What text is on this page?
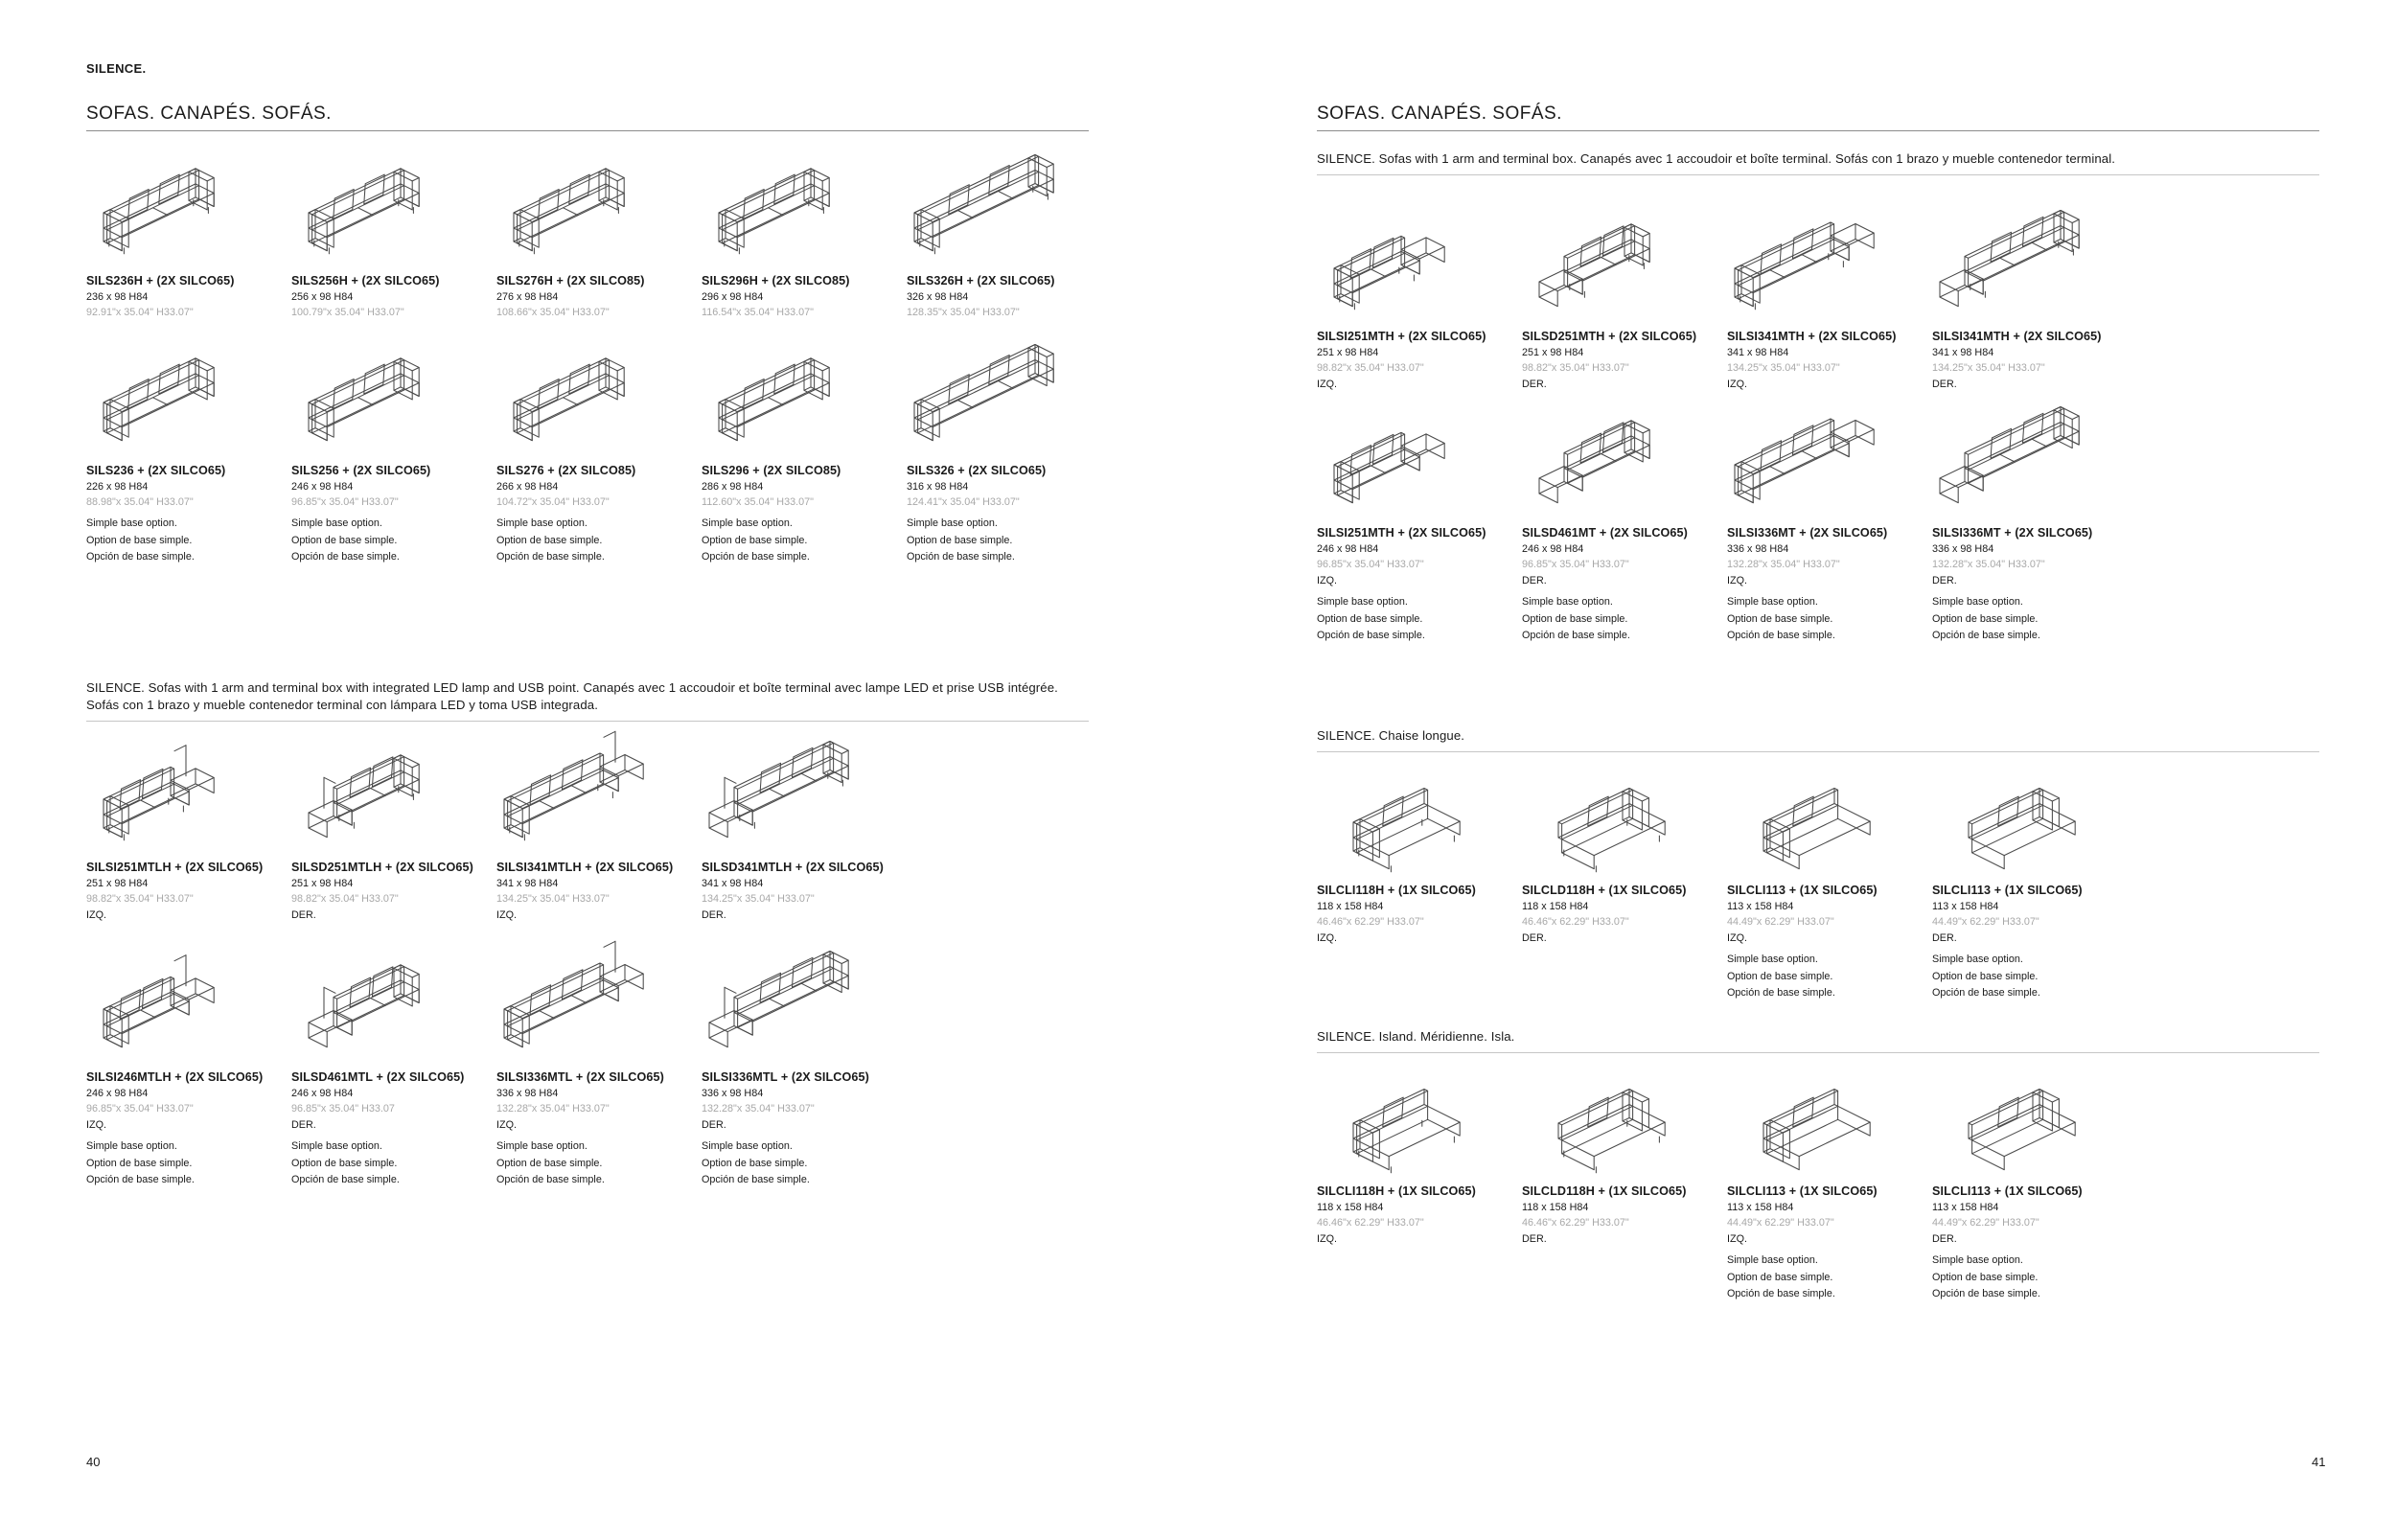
SILENCE.
SOFAS. CANAPÉS. SOFÁS.
SILS236H + (2X SILCO65)
236 x 98 H84
92.91"x 35.04" H33.07"
SILS256H + (2X SILCO65)
256 x 98 H84
100.79"x 35.04" H33.07"
SILS276H + (2X SILCO85)
276 x 98 H84
108.66"x 35.04" H33.07"
SILS296H + (2X SILCO85)
296 x 98 H84
116.54"x 35.04" H33.07"
SILS326H + (2X SILCO65)
326 x 98 H84
128.35"x 35.04" H33.07"
SILS236 + (2X SILCO65)
226 x 98 H84
88.98"x 35.04" H33.07"
Simple base option.
Option de base simple.
Opción de base simple.
SILS256 + (2X SILCO65)
246 x 98 H84
96.85"x 35.04" H33.07"
Simple base option.
Option de base simple.
Opción de base simple.
SILS276 + (2X SILCO85)
266 x 98 H84
104.72"x 35.04" H33.07"
Simple base option.
Option de base simple.
Opción de base simple.
SILS296 + (2X SILCO85)
286 x 98 H84
112.60"x 35.04" H33.07"
Simple base option.
Option de base simple.
Opción de base simple.
SILS326 + (2X SILCO65)
316 x 98 H84
124.41"x 35.04" H33.07"
Simple base option.
Option de base simple.
Opción de base simple.
SILENCE. Sofas with 1 arm and terminal box with integrated LED lamp and USB point. Canapés avec 1 accoudoir et boîte terminal avec lampe LED et prise USB intégrée. Sofás con 1 brazo y mueble contenedor terminal con lámpara LED y toma USB integrada.
SILSI251MTLH + (2X SILCO65)
251 x 98 H84
98.82"x 35.04" H33.07"
IZQ.
SILSD251MTLH + (2X SILCO65)
251 x 98 H84
98.82"x 35.04" H33.07"
DER.
SILSI341MTLH + (2X SILCO65)
341 x 98 H84
134.25"x 35.04" H33.07"
IZQ.
SILSD341MTLH + (2X SILCO65)
341 x 98 H84
134.25"x 35.04" H33.07"
DER.
SILSI246MTLH + (2X SILCO65)
246 x 98 H84
96.85"x 35.04" H33.07"
IZQ.
Simple base option.
Option de base simple.
Opción de base simple.
SILSD461MTL + (2X SILCO65)
246 x 98 H84
96.85"x 35.04" H33.07
DER.
Simple base option.
Option de base simple.
Opción de base simple.
SILSI336MTL + (2X SILCO65)
336 x 98 H84
132.28"x 35.04" H33.07"
IZQ.
Simple base option.
Option de base simple.
Opción de base simple.
SILSI336MTL + (2X SILCO65)
336 x 98 H84
132.28"x 35.04" H33.07"
DER.
Simple base option.
Option de base simple.
Opción de base simple.
40
SOFAS. CANAPÉS. SOFÁS.
SILENCE. Sofas with 1 arm and terminal box. Canapés avec 1 accoudoir et boîte terminal. Sofás con 1 brazo y mueble contenedor terminal.
SILSI251MTH + (2X SILCO65)
251 x 98 H84
98.82"x 35.04" H33.07"
IZQ.
SILSD251MTH + (2X SILCO65)
251 x 98 H84
98.82"x 35.04" H33.07"
DER.
SILSI341MTH + (2X SILCO65)
341 x 98 H84
134.25"x 35.04" H33.07"
IZQ.
SILSI341MTH + (2X SILCO65)
341 x 98 H84
134.25"x 35.04" H33.07"
DER.
SILSI251MTH + (2X SILCO65)
246 x 98 H84
96.85"x 35.04" H33.07"
IZQ.
Simple base option.
Option de base simple.
Opción de base simple.
SILSD461MT + (2X SILCO65)
246 x 98 H84
96.85"x 35.04" H33.07"
DER.
Simple base option.
Option de base simple.
Opción de base simple.
SILSI336MT + (2X SILCO65)
336 x 98 H84
132.28"x 35.04" H33.07"
IZQ.
Simple base option.
Option de base simple.
Opción de base simple.
SILSI336MT + (2X SILCO65)
336 x 98 H84
132.28"x 35.04" H33.07"
DER.
Simple base option.
Option de base simple.
Opción de base simple.
SILENCE. Chaise longue.
SILCLI118H + (1X SILCO65)
118 x 158 H84
46.46"x 62.29" H33.07"
IZQ.
SILCLD118H + (1X SILCO65)
118 x 158 H84
46.46"x 62.29" H33.07"
DER.
SILCLI113 + (1X SILCO65)
113 x 158 H84
44.49"x 62.29" H33.07"
IZQ.
Simple base option.
Option de base simple.
Opción de base simple.
SILCLI113 + (1X SILCO65)
113 x 158 H84
44.49"x 62.29" H33.07"
DER.
Simple base option.
Option de base simple.
Opción de base simple.
SILENCE. Island. Méridienne. Isla.
SILCLI118H + (1X SILCO65)
118 x 158 H84
46.46"x 62.29" H33.07"
IZQ.
SILCLD118H + (1X SILCO65)
118 x 158 H84
46.46"x 62.29" H33.07"
DER.
SILCLI113 + (1X SILCO65)
113 x 158 H84
44.49"x 62.29" H33.07"
IZQ.
Simple base option.
Option de base simple.
Opción de base simple.
SILCLI113 + (1X SILCO65)
113 x 158 H84
44.49"x 62.29" H33.07"
DER.
Simple base option.
Option de base simple.
Opción de base simple.
41
